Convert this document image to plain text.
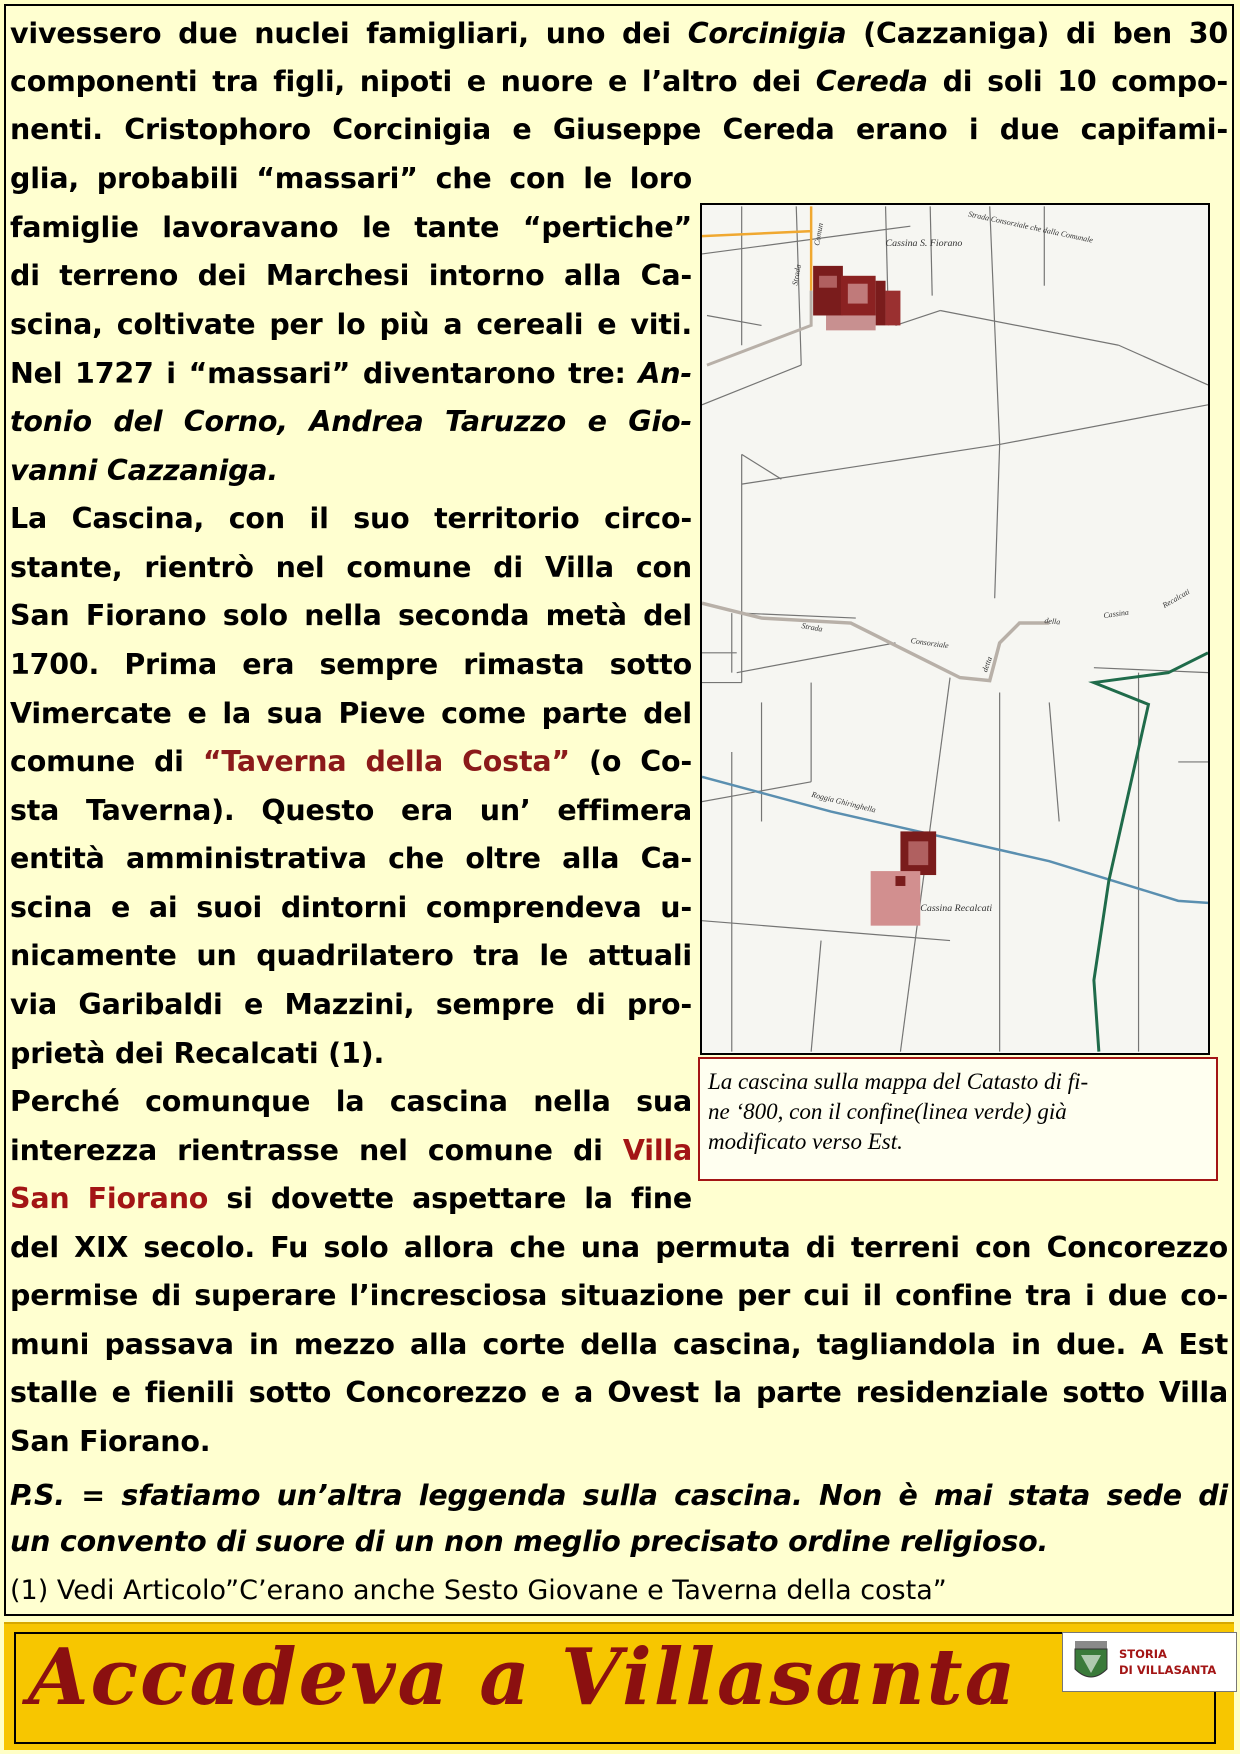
vivessero due nuclei famigliari, uno dei Corcinigia (Cazzaniga) di ben 30
componenti tra figli, nipoti e nuore e l’altro dei Cereda di soli 10 compo-
nenti. Cristophoro Corcinigia e Giuseppe Cereda erano i due capifami-
glia, probabili “massari” che con le loro
famiglie lavoravano le tante “pertiche”
di terreno dei Marchesi intorno alla Ca-
scina, coltivate per lo più a cereali e viti.
Nel 1727 i “massari” diventarono tre: An-
tonio del Corno, Andrea Taruzzo e Gio-
vanni Cazzaniga.
La Cascina, con il suo territorio circo-
stante, rientrò nel comune di Villa con
San Fiorano solo nella seconda metà del
1700. Prima era sempre rimasta sotto
Vimercate e la sua Pieve come parte del
comune di “Taverna della Costa” (o Co-
sta Taverna). Questo era un’ effimera
entità amministrativa che oltre alla Ca-
scina e ai suoi dintorni comprendeva u-
nicamente un quadrilatero tra le attuali
via Garibaldi e Mazzini, sempre di pro-
prietà dei Recalcati (1).
Perché comunque la cascina nella sua
interezza rientrasse nel comune di Villa
San Fiorano si dovette aspettare la fine
del XIX secolo. Fu solo allora che una permuta di terreni con Concorezzo
permise di superare l’incresciosa situazione per cui il confine tra i due co-
muni passava in mezzo alla corte della cascina, tagliandola in due. A Est
stalle e fienili sotto Concorezzo e a Ovest la parte residenziale sotto Villa
San Fiorano.
P.S. = sfatiamo un’altra leggenda sulla cascina. Non è mai stata sede di
un convento di suore di un non meglio precisato ordine religioso.
(1) Vedi Articolo”C’erano anche Sesto Giovane e Taverna della costa”
Cassina S. Fiorano
Cassina Recalcati
Strada Consorziale che dalla Comunale
Strada
Comun
Strada
Consorziale
detta
della
Cassina
Recalcati
Roggia Ghiringhella
La cascina sulla mappa del Catasto di fi-
ne ‘800, con il confine(linea verde) già
modificato verso Est.
Accadeva a Villasanta	STORIA
DI VILLASANTA
